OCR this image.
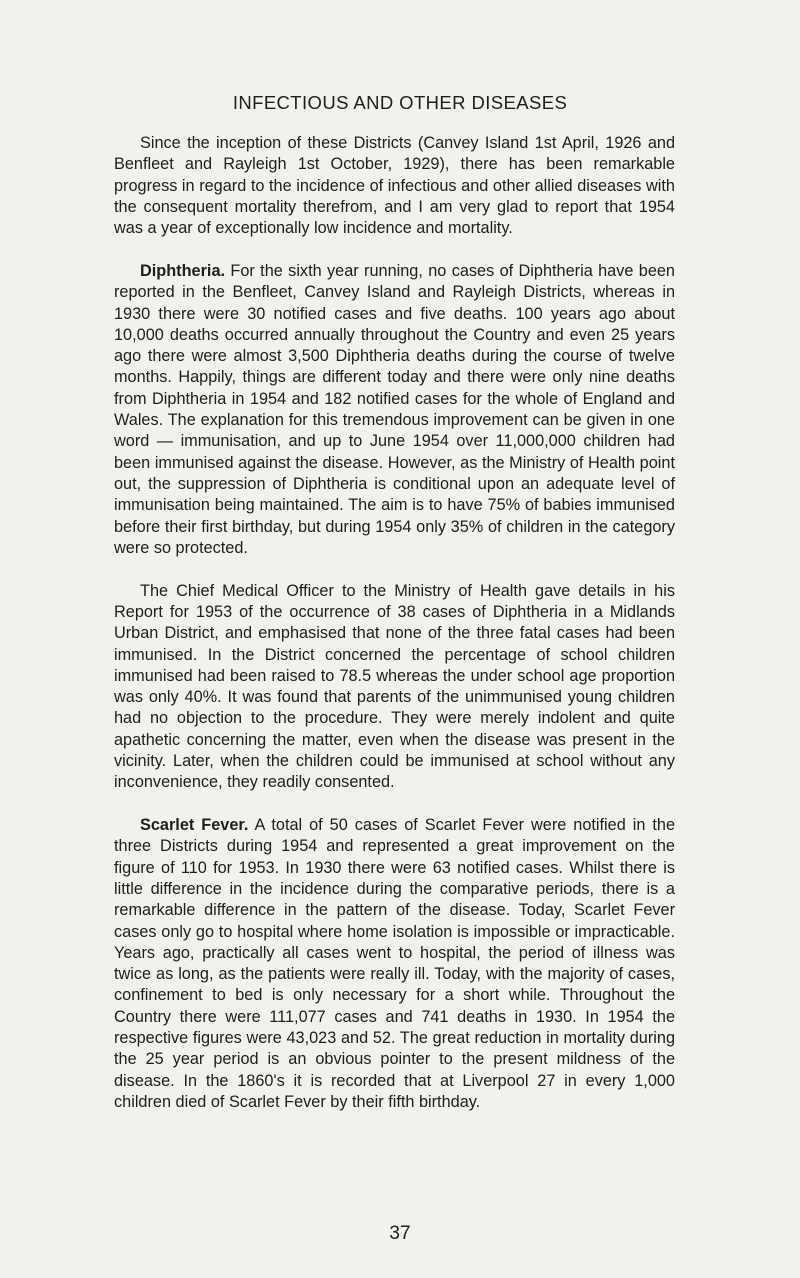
INFECTIOUS AND OTHER DISEASES

Since the inception of these Districts (Canvey Island 1st April, 1926 and Benfleet and Rayleigh 1st October, 1929), there has been remarkable progress in regard to the incidence of infectious and other allied diseases with the consequent mortality therefrom, and I am very glad to report that 1954 was a year of exceptionally low incidence and mortality.

Diphtheria. For the sixth year running, no cases of Diphtheria have been reported in the Benfleet, Canvey Island and Rayleigh Districts, whereas in 1930 there were 30 notified cases and five deaths. 100 years ago about 10,000 deaths occurred annually throughout the Country and even 25 years ago there were almost 3,500 Diphtheria deaths during the course of twelve months. Happily, things are different today and there were only nine deaths from Diphtheria in 1954 and 182 notified cases for the whole of England and Wales. The explanation for this tremendous improvement can be given in one word — immunisation, and up to June 1954 over 11,000,000 children had been immunised against the disease. However, as the Ministry of Health point out, the suppression of Diphtheria is conditional upon an adequate level of immunisation being maintained. The aim is to have 75% of babies immunised before their first birthday, but during 1954 only 35% of children in the category were so protected.

The Chief Medical Officer to the Ministry of Health gave details in his Report for 1953 of the occurrence of 38 cases of Diphtheria in a Midlands Urban District, and emphasised that none of the three fatal cases had been immunised. In the District concerned the percentage of school children immunised had been raised to 78.5 whereas the under school age proportion was only 40%. It was found that parents of the unimmunised young children had no objection to the procedure. They were merely indolent and quite apathetic concerning the matter, even when the disease was present in the vicinity. Later, when the children could be immunised at school without any inconvenience, they readily consented.

Scarlet Fever. A total of 50 cases of Scarlet Fever were notified in the three Districts during 1954 and represented a great improvement on the figure of 110 for 1953. In 1930 there were 63 notified cases. Whilst there is little difference in the incidence during the comparative periods, there is a remarkable difference in the pattern of the disease. Today, Scarlet Fever cases only go to hospital where home isolation is impossible or impracticable. Years ago, practically all cases went to hospital, the period of illness was twice as long, as the patients were really ill. Today, with the majority of cases, confinement to bed is only necessary for a short while. Throughout the Country there were 111,077 cases and 741 deaths in 1930. In 1954 the respective figures were 43,023 and 52. The great reduction in mortality during the 25 year period is an obvious pointer to the present mildness of the disease. In the 1860's it is recorded that at Liverpool 27 in every 1,000 children died of Scarlet Fever by their fifth birthday.

37
